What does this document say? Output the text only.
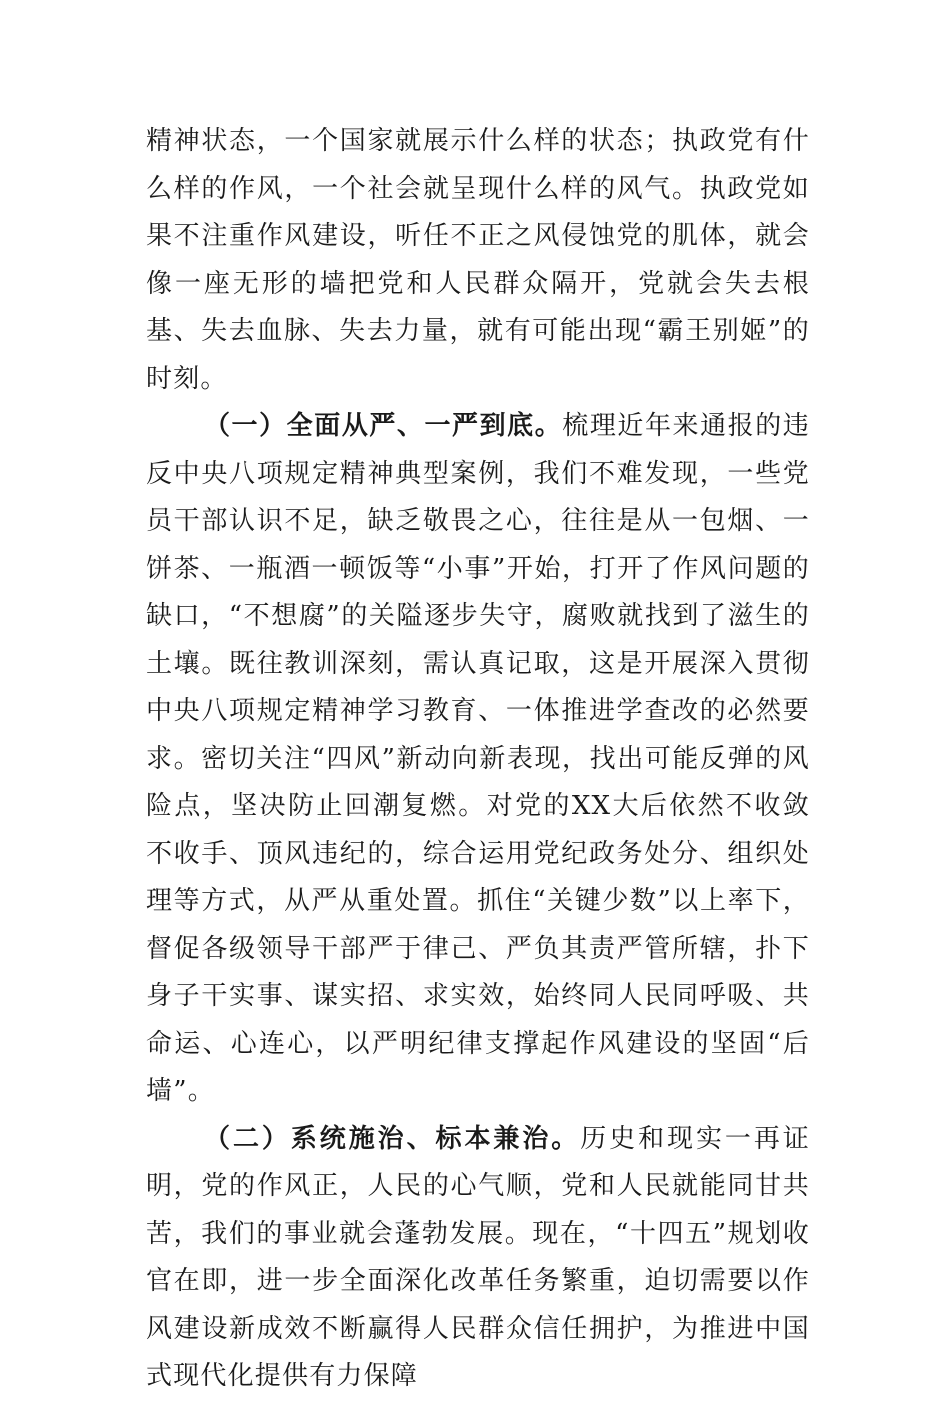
精神状态，一个国家就展示什么样的状态；执政党有什么样的作风，一个社会就呈现什么样的风气。执政党如果不注重作风建设，听任不正之风侵蚀党的肌体，就会像一座无形的墙把党和人民群众隔开，党就会失去根基、失去血脉、失去力量，就有可能出现“霸王别姬”的时刻。

（一）全面从严、一严到底。梳理近年来通报的违反中央八项规定精神典型案例，我们不难发现，一些党员干部认识不足，缺乏敬畏之心，往往是从一包烟、一饼茶、一瓶酒一顿饭等“小事”开始，打开了作风问题的缺口，“不想腐”的关隘逐步失守，腐败就找到了滋生的土壤。既往教训深刻，需认真记取，这是开展深入贯彻中央八项规定精神学习教育、一体推进学查改的必然要求。密切关注“四风”新动向新表现，找出可能反弹的风险点，坚决防止回潮复燃。对党的XX大后依然不收敛不收手、顶风违纪的，综合运用党纪政务处分、组织处理等方式，从严从重处置。抓住“关键少数”以上率下，督促各级领导干部严于律己、严负其责严管所辖，扑下身子干实事、谋实招、求实效，始终同人民同呼吸、共命运、心连心，以严明纪律支撑起作风建设的坚固“后墙”。

（二）系统施治、标本兼治。历史和现实一再证明，党的作风正，人民的心气顺，党和人民就能同甘共苦，我们的事业就会蓬勃发展。现在，“十四五”规划收官在即，进一步全面深化改革任务繁重，迫切需要以作风建设新成效不断赢得人民群众信任拥护，为推进中国式现代化提供有力保障
